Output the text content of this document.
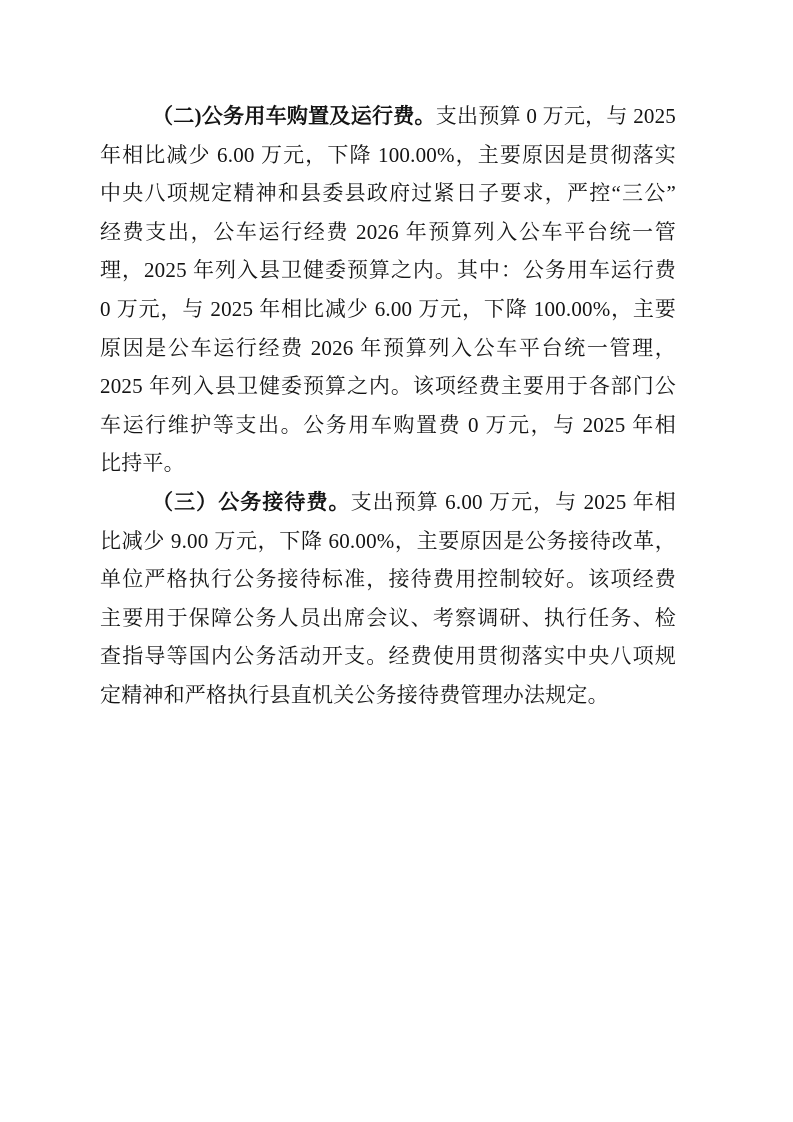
（二)公务用车购置及运行费。支出预算 0 万元，与 2025
年相比减少 6.00 万元，下降 100.00%，主要原因是贯彻落实
中央八项规定精神和县委县政府过紧日子要求，严控“三公”
经费支出，公车运行经费 2026 年预算列入公车平台统一管
理，2025 年列入县卫健委预算之内。其中：公务用车运行费
0 万元，与 2025 年相比减少 6.00 万元，下降 100.00%，主要
原因是公车运行经费 2026 年预算列入公车平台统一管理，
2025 年列入县卫健委预算之内。该项经费主要用于各部门公
车运行维护等支出。公务用车购置费 0 万元，与 2025 年相
比持平。
（三）公务接待费。支出预算 6.00 万元，与 2025 年相
比减少 9.00 万元，下降 60.00%，主要原因是公务接待改革，
单位严格执行公务接待标准，接待费用控制较好。该项经费
主要用于保障公务人员出席会议、考察调研、执行任务、检
查指导等国内公务活动开支。经费使用贯彻落实中央八项规
定精神和严格执行县直机关公务接待费管理办法规定。
